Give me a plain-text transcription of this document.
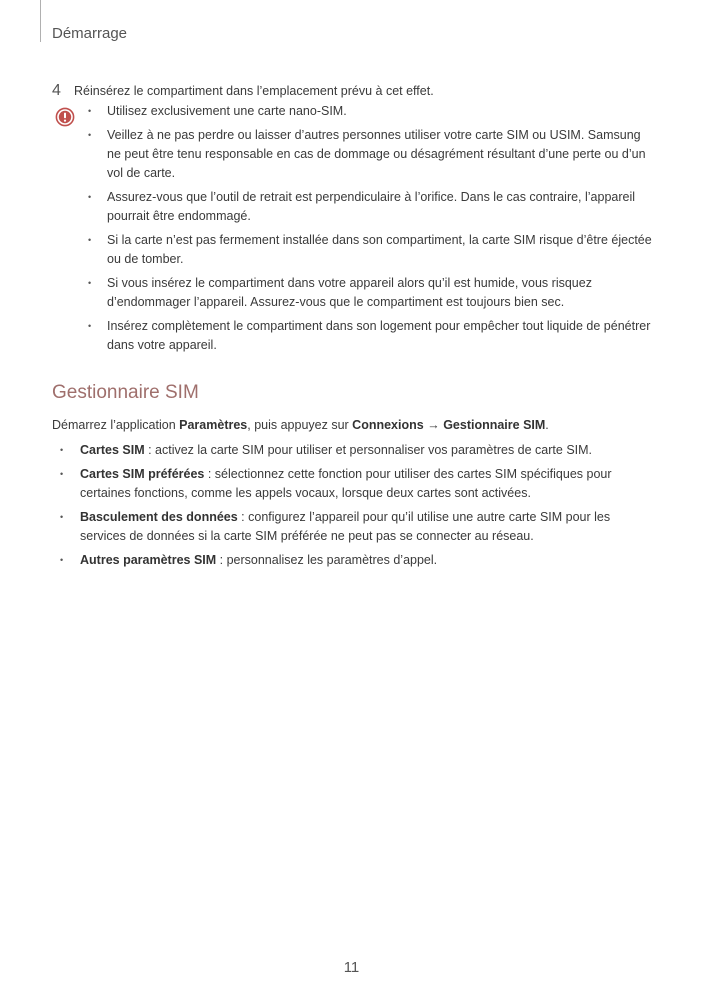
Démarrage
4 Réinsérez le compartiment dans l’emplacement prévu à cet effet.
• Utilisez exclusivement une carte nano-SIM.
• Veillez à ne pas perdre ou laisser d’autres personnes utiliser votre carte SIM ou USIM. Samsung ne peut être tenu responsable en cas de dommage ou désagrément résultant d’une perte ou d’un vol de carte.
• Assurez-vous que l’outil de retrait est perpendiculaire à l’orifice. Dans le cas contraire, l’appareil pourrait être endommagé.
• Si la carte n’est pas fermement installée dans son compartiment, la carte SIM risque d’être éjectée ou de tomber.
• Si vous insérez le compartiment dans votre appareil alors qu’il est humide, vous risquez d’endommager l’appareil. Assurez-vous que le compartiment est toujours bien sec.
• Insérez complètement le compartiment dans son logement pour empêcher tout liquide de pénétrer dans votre appareil.
Gestionnaire SIM
Démarrez l’application Paramètres, puis appuyez sur Connexions → Gestionnaire SIM.
• Cartes SIM : activez la carte SIM pour utiliser et personnaliser vos paramètres de carte SIM.
• Cartes SIM préférées : sélectionnez cette fonction pour utiliser des cartes SIM spécifiques pour certaines fonctions, comme les appels vocaux, lorsque deux cartes sont activées.
• Basculement des données : configurez l’appareil pour qu’il utilise une autre carte SIM pour les services de données si la carte SIM préférée ne peut pas se connecter au réseau.
• Autres paramètres SIM : personnalisez les paramètres d’appel.
11
